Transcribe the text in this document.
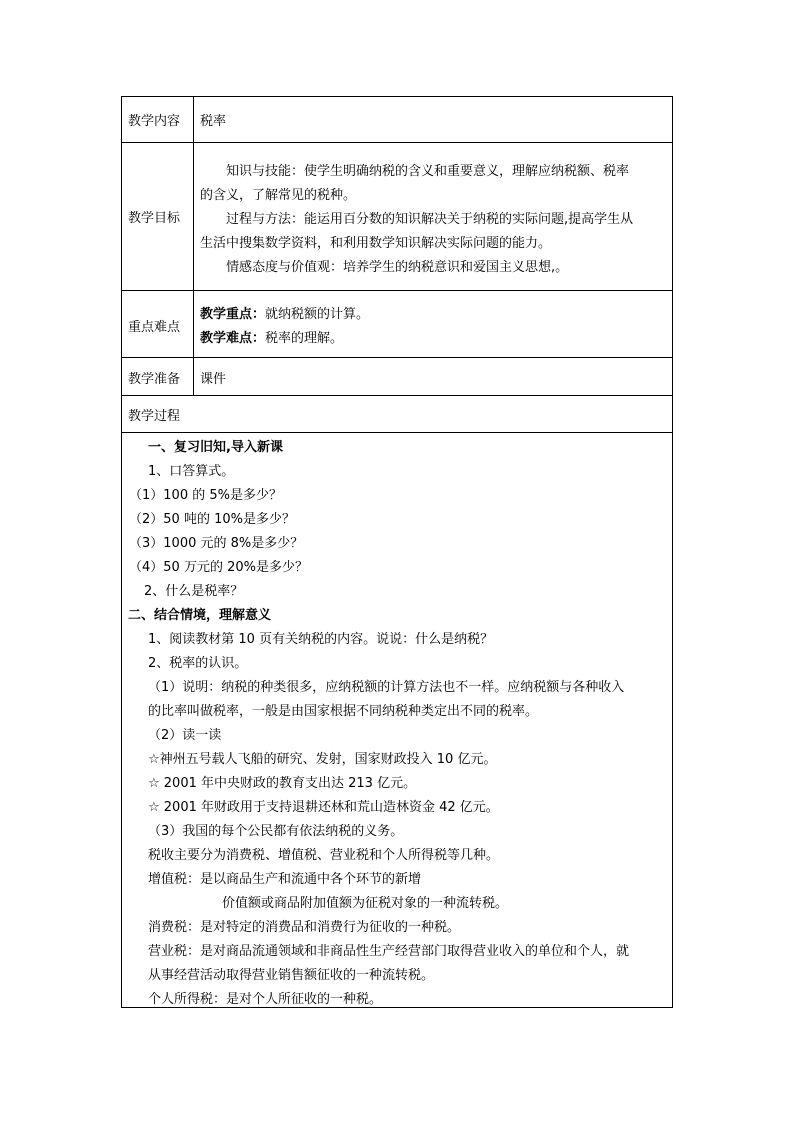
教学内容 税率
教学目标
知识与技能：使学生明确纳税的含义和重要意义，理解应纳税额、税率
的含义，了解常见的税种。
过程与方法：能运用百分数的知识解决关于纳税的实际问题,提高学生从
生活中搜集数学资料，和利用数学知识解决实际问题的能力。
情感态度与价值观：培养学生的纳税意识和爱国主义思想,。
重点难点
教学重点：就纳税额的计算。
教学难点：税率的理解。
教学准备 课件
教学过程
一、复习旧知,导入新课
1、口答算式。
（1）100 的 5%是多少？
（2）50 吨的 10%是多少？
（3）1000 元的 8%是多少？
（4）50 万元的 20%是多少？
2、什么是税率？
二、结合情境，理解意义
1、阅读教材第 10 页有关纳税的内容。说说：什么是纳税？
2、税率的认识。
（1）说明：纳税的种类很多，应纳税额的计算方法也不一样。应纳税额与各种收入
的比率叫做税率，一般是由国家根据不同纳税种类定出不同的税率。
（2）读一读
☆神州五号载人飞船的研究、发射，国家财政投入 10 亿元。
☆ 2001 年中央财政的教育支出达 213 亿元。
☆ 2001 年财政用于支持退耕还林和荒山造林资金 42 亿元。
（3）我国的每个公民都有依法纳税的义务。
税收主要分为消费税、增值税、营业税和个人所得税等几种。
增值税：是以商品生产和流通中各个环节的新增
价值额或商品附加值额为征税对象的一种流转税。
消费税：是对特定的消费品和消费行为征收的一种税。
营业税：是对商品流通领域和非商品性生产经营部门取得营业收入的单位和个人，就
从事经营活动取得营业销售额征收的一种流转税。
个人所得税：是对个人所征收的一种税。
